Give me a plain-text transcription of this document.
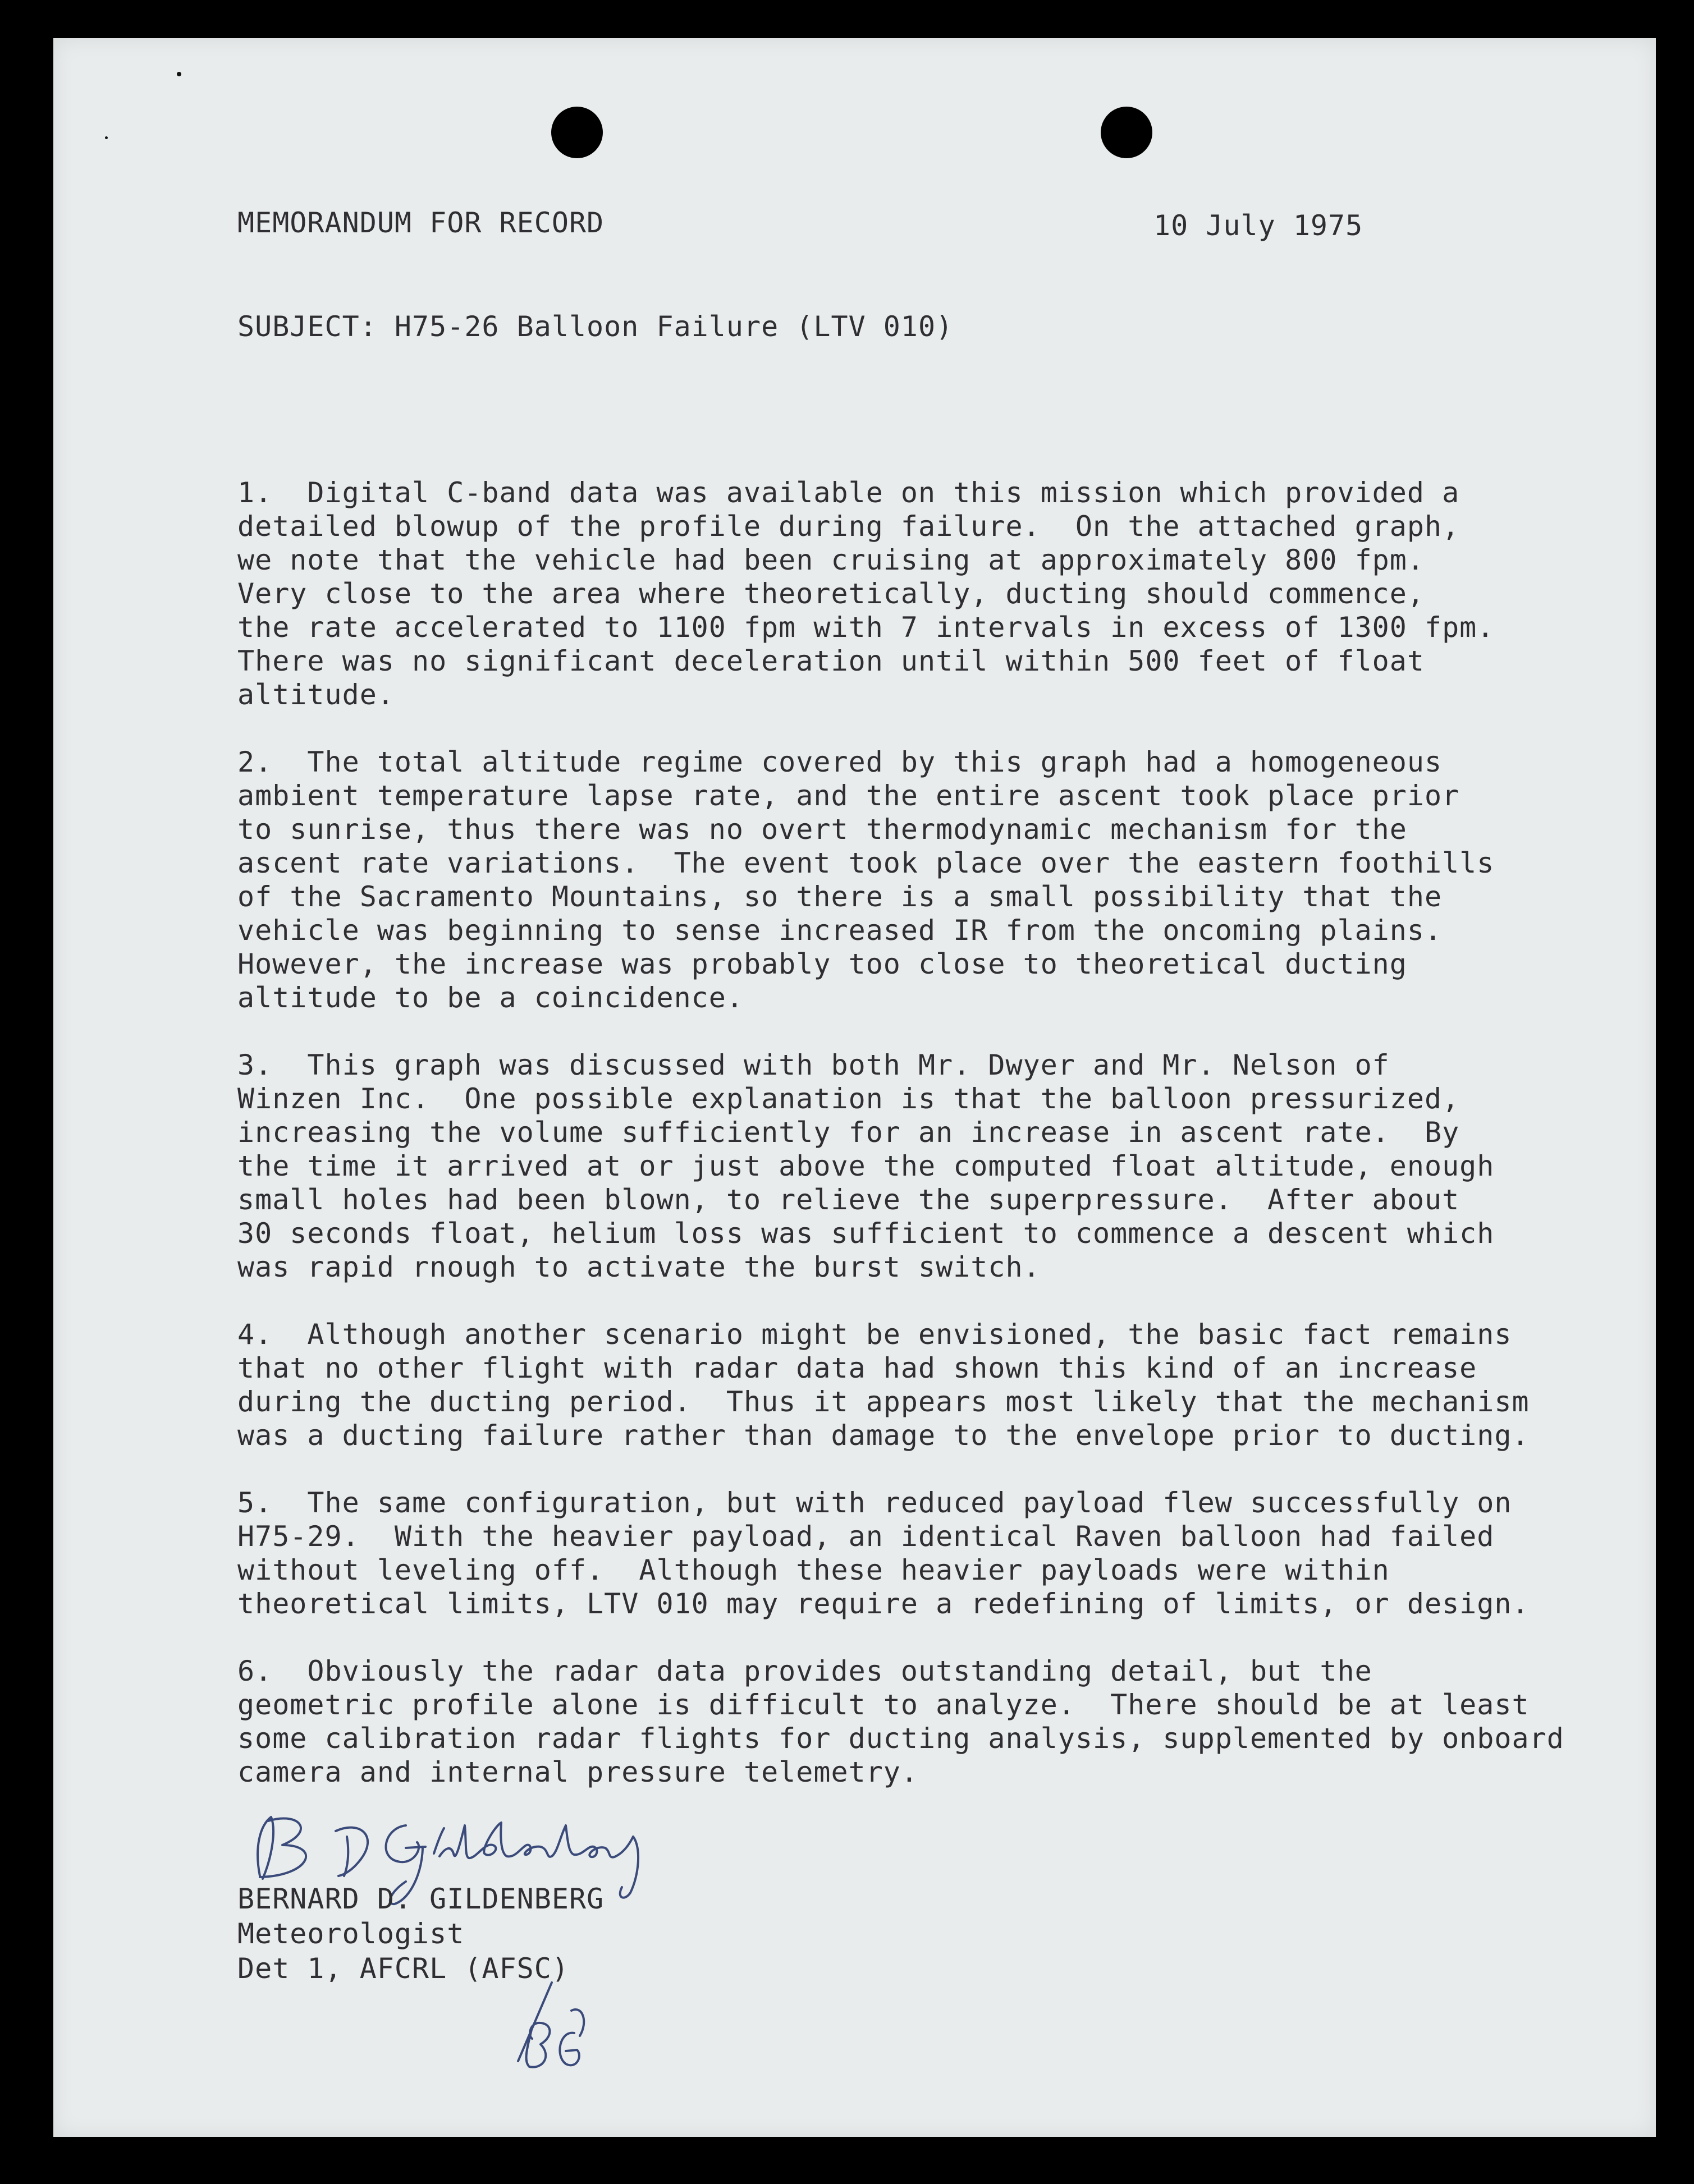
MEMORANDUM FOR RECORD	10 July 1975
SUBJECT: H75-26 Balloon Failure (LTV 010)

1.  Digital C-band data was available on this mission which provided a
detailed blowup of the profile during failure.  On the attached graph,
we note that the vehicle had been cruising at approximately 800 fpm.
Very close to the area where theoretically, ducting should commence,
the rate accelerated to 1100 fpm with 7 intervals in excess of 1300 fpm.
There was no significant deceleration until within 500 feet of float
altitude.

2.  The total altitude regime covered by this graph had a homogeneous
ambient temperature lapse rate, and the entire ascent took place prior
to sunrise, thus there was no overt thermodynamic mechanism for the
ascent rate variations.  The event took place over the eastern foothills
of the Sacramento Mountains, so there is a small possibility that the
vehicle was beginning to sense increased IR from the oncoming plains.
However, the increase was probably too close to theoretical ducting
altitude to be a coincidence.

3.  This graph was discussed with both Mr. Dwyer and Mr. Nelson of
Winzen Inc.  One possible explanation is that the balloon pressurized,
increasing the volume sufficiently for an increase in ascent rate.  By
the time it arrived at or just above the computed float altitude, enough
small holes had been blown, to relieve the superpressure.  After about
30 seconds float, helium loss was sufficient to commence a descent which
was rapid rnough to activate the burst switch.

4.  Although another scenario might be envisioned, the basic fact remains
that no other flight with radar data had shown this kind of an increase
during the ducting period.  Thus it appears most likely that the mechanism
was a ducting failure rather than damage to the envelope prior to ducting.

5.  The same configuration, but with reduced payload flew successfully on
H75-29.  With the heavier payload, an identical Raven balloon had failed
without leveling off.  Although these heavier payloads were within
theoretical limits, LTV 010 may require a redefining of limits, or design.

6.  Obviously the radar data provides outstanding detail, but the
geometric profile alone is difficult to analyze.  There should be at least
some calibration radar flights for ducting analysis, supplemented by onboard
camera and internal pressure telemetry.

BERNARD D. GILDENBERG
Meteorologist
Det 1, AFCRL (AFSC)
